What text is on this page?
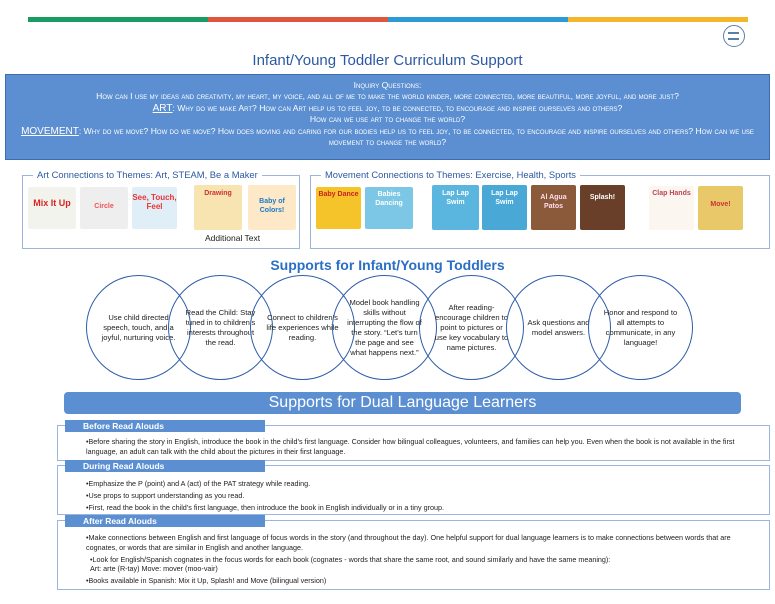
Infant/Young Toddler Curriculum Support
Inquiry Questions:
How can I use my ideas and creativity, my heart, my voice, and all of me to make the world kinder, more connected, more beautiful, more joyful, and more just?
ART: Why do we make Art? How can Art help us to feel joy, to be connected, to encourage and inspire ourselves and others?
How can we use art to change the world?
MOVEMENT: Why do we move? How do we move? How does moving and caring for our bodies help us to feel joy, to be connected, to encourage and inspire ourselves and others? How can we use movement to change the world?
Art Connections to Themes: Art, STEAM, Be a Maker
Mix It Up	Circle
See, Touch, Feel
Drawing
Baby of Colors!
Additional Text
Movement Connections to Themes: Exercise, Health, Sports
Baby Dance	Babies Dancing
Lap Lap Swim
Lap Lap Swim
Al Agua Patos
Splash!
Clap Hands
Move!
Supports for Infant/Young Toddlers
Use child directed speech, touch, and a joyful, nurturing voice.
Read the Child: Stay tuned in to children’s interests throughout the read.
Connect to children’s life experiences while reading.
Model book handling skills without interrupting the flow of the story. “Let’s turn the page and see what happens next.”
After reading- encourage children to point to pictures or use key vocabulary to name pictures.
Ask questions and model answers.
Honor and respond to all attempts to communicate, in any language!
Supports for Dual Language Learners

•Before sharing the story in English, introduce the book in the child’s first language. Consider how bilingual colleagues, volunteers, and families can help you. Even when the book is not available in the first language, an adult can talk with the child about the pictures in their first language.

Before Read Alouds

•Emphasize the P (point) and A (act) of the PAT strategy while reading.

•Use props to support understanding as you read.

•First, read the book in the child’s first language, then introduce the book in English individually or in a tiny group.

During Read Alouds

•Make connections between English and first language of focus words in the story (and throughout the day). One helpful support for dual language learners is to make connections between words that are cognates, or words that are similar in English and another language.

•Look for English/Spanish cognates in the focus words for each book (cognates - words that share the same root, and sound similarly and have the same meaning):

Art: arte (R-tay) Move: mover (moo-vair)

•Books available in Spanish: Mix it Up, Splash! and Move (bilingual version)

After Read Alouds
